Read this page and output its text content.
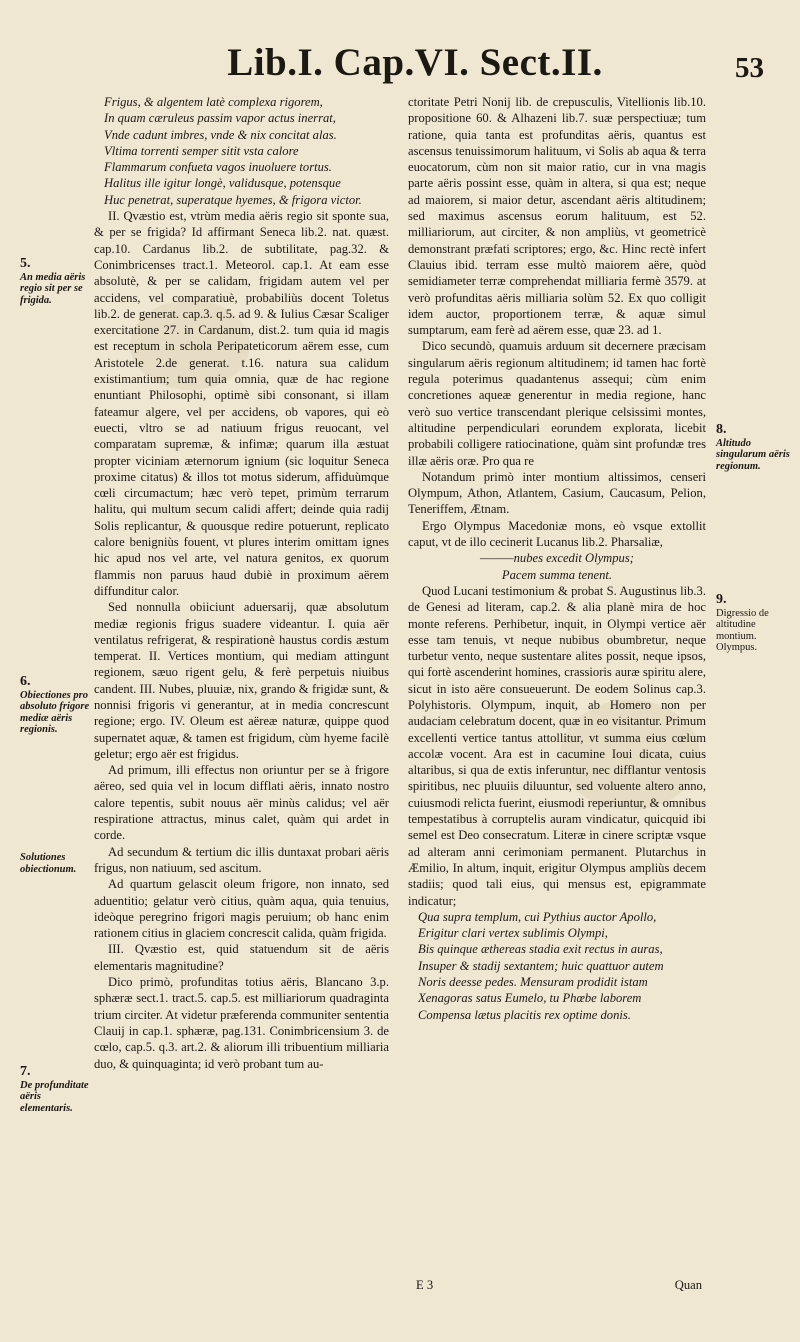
Lib.I. Cap.VI. Sect.II.	53
5.
An media aëris regio sit per se frigida.
6.
Obiectiones pro absoluto frigore mediæ aëris regionis.
Solutiones obiectionum.
7.
De profunditate aëris elementaris.
8.
Altitudo singularum aëris regionum.
9.
Digressio de altitudine montium. Olympus.
Frigus, & algentem latè complexa rigorem,
In quam cæruleus passim vapor actus inerrat,
Vnde cadunt imbres, vnde & nix concitat alas.
Vltima torrenti semper sitit vsta calore
Flammarum confueta vagos inuoluere tortus.
Halitus ille igitur longè, validusque, potensque
Huc penetrat, superatque hyemes, & frigora victor.

II. Qvæstio est, vtrùm media aëris regio sit sponte sua, & per se frigida? Id affirmant Seneca lib.2. nat. quæst. cap.10. Cardanus lib.2. de subtilitate, pag.32. & Conimbricenses tract.1. Meteorol. cap.1. At eam esse absolutè, & per se calidam, frigidam autem vel per accidens, vel comparatiuè, probabiliùs docent Toletus lib.2. de generat. cap.3. q.5. ad 9. & Iulius Cæsar Scaliger exercitatione 27. in Cardanum, dist.2. tum quia id magis est receptum in schola Peripateticorum aërem esse, cum Aristotele 2.de generat. t.16. natura sua calidum existimantium; tum quia omnia, quæ de hac regione enuntiant Philosophi, optimè sibi consonant, si illam fateamur algere, vel per accidens, ob vapores, qui eò euecti, vltro se ad natiuum frigus reuocant, vel comparatam supremæ, & infimæ; quarum illa æstuat propter viciniam æternorum ignium (sic loquitur Seneca proxime citatus) & illos tot motus siderum, affiduùmque cœli circumactum; hæc verò tepet, primùm terrarum halitu, qui multum secum calidi affert; deinde quia radij Solis replicantur, & quousque redire potuerunt, replicato calore benigniùs fouent, vt plures interim omittam ignes hic apud nos vel arte, vel natura genitos, ex quorum flammis non paruus haud dubiè in proximum aërem diffunditur calor.

Sed nonnulla obiiciunt aduersarij, quæ absolutum mediæ regionis frigus suadere videantur. I. quia aër ventilatus refrigerat, & respirationè haustus cordis æstum temperat. II. Vertices montium, qui mediam attingunt regionem, sæuo rigent gelu, & ferè perpetuis niuibus candent. III. Nubes, pluuiæ, nix, grando & frigidæ sunt, & nonnisi frigoris vi generantur, at in media concrescunt regione; ergo. IV. Oleum est aëreæ naturæ, quippe quod supernatet aquæ, & tamen est frigidum, cùm hyeme facilè geletur; ergo aër est frigidus.

Ad primum, illi effectus non oriuntur per se à frigore aëreo, sed quia vel in locum difflati aëris, innato nostro calore tepentis, subit nouus aër minùs calidus; vel aër respiratione attractus, minus calet, quàm qui ardet in corde.

Ad secundum & tertium dic illis duntaxat probari aëris frigus, non natiuum, sed ascitum.

Ad quartum gelascit oleum frigore, non innato, sed aduentitio; gelatur verò citius, quàm aqua, quia tenuius, ideòque peregrino frigori magis peruium; ob hanc enim rationem citius in glaciem concrescit calida, quàm frigida.

III. Qvæstio est, quid statuendum sit de aëris elementaris magnitudine?

Dico primò, profunditas totius aëris, Blancano 3.p. sphæræ sect.1. tract.5. cap.5. est milliariorum quadraginta trium circiter. At videtur præferenda communiter sententia Clauij in cap.1. sphæræ, pag.131. Conimbricensium 3. de cœlo, cap.5. q.3. art.2. & aliorum illi tribuentium milliaria duo, & quinquaginta; id verò probant tum au-

ctoritate Petri Nonij lib. de crepusculis, Vitellionis lib.10. propositione 60. & Alhazeni lib.7. suæ perspectiuæ; tum ratione, quia tanta est profunditas aëris, quantus est ascensus tenuissimorum halituum, vi Solis ab aqua & terra euocatorum, cùm non sit maior ratio, cur in vna magis parte aëris possint esse, quàm in altera, si qua est; neque ad maiorem, si maior detur, ascendant aëris altitudinem; sed maximus ascensus eorum halituum, est 52. milliariorum, aut circiter, & non ampliùs, vt geometricè demonstrant præfati scriptores; ergo, &c. Hinc rectè infert Clauius ibid. terram esse multò maiorem aëre, quòd semidiameter terræ comprehendat milliaria fermè 3579. at verò profunditas aëris milliaria solùm 52. Ex quo colligit idem auctor, proportionem terræ, & aquæ simul sumptarum, eam ferè ad aërem esse, quæ 23. ad 1.

Dico secundò, quamuis arduum sit decernere præcisam singularum aëris regionum altitudinem; id tamen hac fortè regula poterimus quadantenus assequi; cùm enim concretiones aqueæ generentur in media regione, hanc verò suo vertice transcendant plerique celsissimi montes, altitudine perpendiculari eorundem explorata, licebit probabili colligere ratiocinatione, quàm sint profundæ tres illæ aëris oræ. Pro qua re

Notandum primò inter montium altissimos, censeri Olympum, Athon, Atlantem, Casium, Caucasum, Pelion, Teneriffem, Ætnam.

Ergo Olympus Macedoniæ mons, eò vsque extollit caput, vt de illo cecinerit Lucanus lib.2. Pharsaliæ,

———nubes excedit Olympus;
Pacem summa tenent.

Quod Lucani testimonium & probat S. Augustinus lib.3. de Genesi ad literam, cap.2. & alia planè mira de hoc monte referens. Perhibetur, inquit, in Olympi vertice aër esse tam tenuis, vt neque nubibus obumbretur, neque turbetur vento, neque sustentare alites possit, neque ipsos, qui fortè ascenderint homines, crassioris auræ spiritu alere, sicut in isto aëre consueuerunt. De eodem Solinus cap.3. Polyhistoris. Olympum, inquit, ab Homero non per audaciam celebratum docent, quæ in eo visitantur. Primum excellenti vertice tantus attollitur, vt summa eius cœlum accolæ vocent. Ara est in cacumine Ioui dicata, cuius altaribus, si qua de extis inferuntur, nec difflantur ventosis spiritibus, nec pluuiis diluuntur, sed voluente altero anno, cuiusmodi relicta fuerint, eiusmodi reperiuntur, & omnibus tempestatibus à corruptelis auram vindicatur, quicquid ibi semel est Deo consecratum. Literæ in cinere scriptæ vsque ad alteram anni cerimoniam permanent. Plutarchus in Æmilio, In altum, inquit, erigitur Olympus ampliùs decem stadiis; quod tali eius, qui mensus est, epigrammate indicatur;

Qua supra templum, cui Pythius auctor Apollo,
Erigitur clari vertex sublimis Olympi,
Bis quinque æthereas stadia exit rectus in auras,
Insuper & stadij sextantem; huic quattuor autem
Noris deesse pedes. Mensuram prodidit istam
Xenagoras satus Eumelo, tu Phœbe laborem
Compensa lætus placitis rex optime donis.
E 3	Quan
